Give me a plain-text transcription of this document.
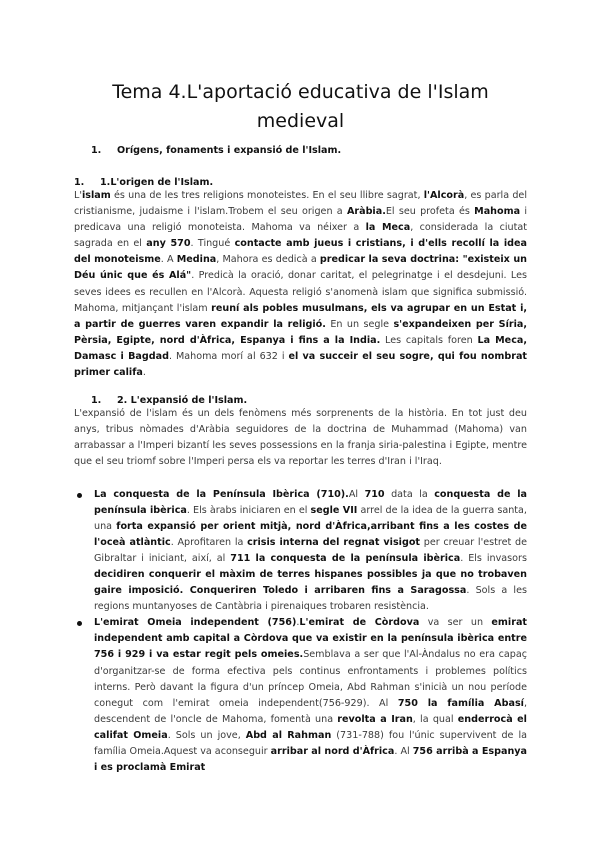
Tema 4.L'aportació educativa de l'Islam medieval

1. Orígens, fonaments i expansió de l'Islam.

1. 1.L'origen de l'Islam.

L'islam és una de les tres religions monoteistes. En el seu llibre sagrat, l'Alcorà, es parla del cristianisme, judaisme i l'islam.Trobem el seu origen a Aràbia.El seu profeta és Mahoma i predicava una religió monoteista. Mahoma va néixer a la Meca, considerada la ciutat sagrada en el any 570. Tingué contacte amb jueus i cristians, i d'ells recollí la idea del monoteisme. A Medina, Mahora es dedicà a predicar la seva doctrina: "existeix un Déu únic que és Alá". Predicà la oració, donar caritat, el pelegrinatge i el desdejuni. Les seves idees es recullen en l'Alcorà. Aquesta religió s'anomenà islam que significa submissió. Mahoma, mitjançant l'islam reuní als pobles musulmans, els va agrupar en un Estat i, a partir de guerres varen expandir la religió. En un segle s'expandeixen per Síria, Pèrsia, Egipte, nord d'Àfrica, Espanya i fins a la India. Les capitals foren La Meca, Damasc i Bagdad. Mahoma morí al 632 i el va succeir el seu sogre, qui fou nombrat primer califa.

1. 2. L'expansió de l'Islam.

L'expansió de l'islam és un dels fenòmens més sorprenents de la història. En tot just deu anys, tribus nòmades d'Aràbia seguidores de la doctrina de Muhammad (Mahoma) van arrabassar a l'Imperi bizantí les seves possessions en la franja siria-palestina i Egipte, mentre que el seu triomf sobre l'Imperi persa els va reportar les terres d'Iran i l'Iraq.

La conquesta de la Península Ibèrica (710).Al 710 data la conquesta de la península ibèrica. Els àrabs iniciaren en el segle VII arrel de la idea de la guerra santa, una forta expansió per orient mitjà, nord d'Àfrica,arribant fins a les costes de l'oceà atlàntic. Aprofitaren la crisis interna del regnat visigot per creuar l'estret de Gibraltar i iniciant, així, al 711 la conquesta de la península ibèrica. Els invasors decidiren conquerir el màxim de terres hispanes possibles ja que no trobaven gaire imposició. Conqueriren Toledo i arribaren fins a Saragossa. Sols a les regions muntanyoses de Cantàbria i pirenaiques trobaren resistència.
L'emirat Omeia independent (756).L'emirat de Còrdova va ser un emirat independent amb capital a Còrdova que va existir en la península ibèrica entre 756 i 929 i va estar regit pels omeies.Semblava a ser que l'Al-Àndalus no era capaç d'organitzar-se de forma efectiva pels continus enfrontaments i problemes polítics interns. Però davant la figura d'un príncep Omeia, Abd Rahman s'inicià un nou període conegut com l'emirat omeia independent(756-929). Al 750 la família Abasí, descendent de l'oncle de Mahoma, fomentà una revolta a Iran, la qual enderrocà el califat Omeia. Sols un jove, Abd al Rahman (731-788) fou l'únic supervivent de la família Omeia.Aquest va aconseguir arribar al nord d'Àfrica. Al 756 arribà a Espanya i es proclamà Emirat
